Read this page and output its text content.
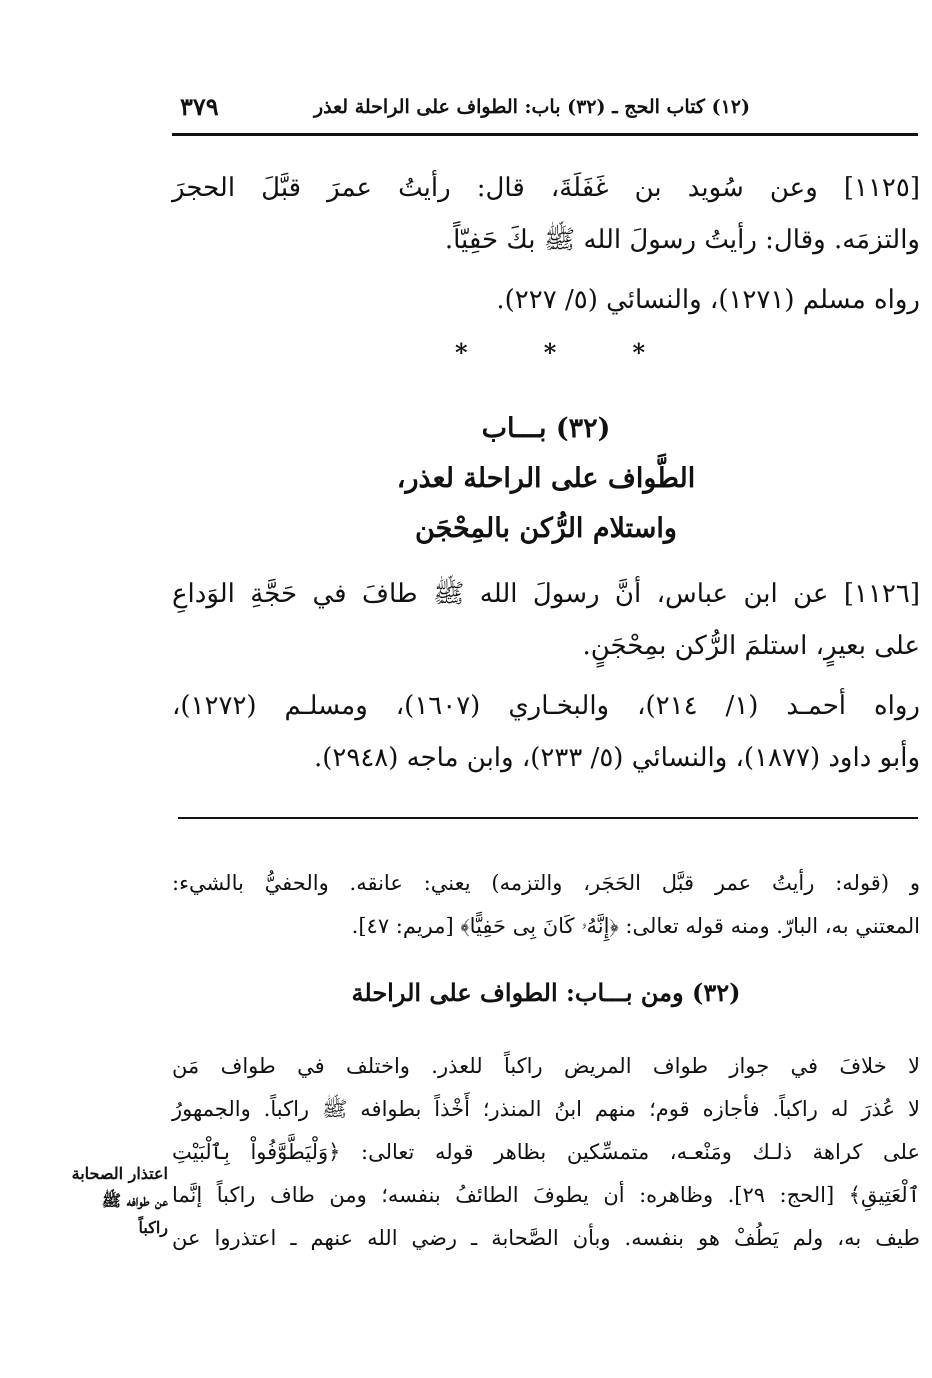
(١٢) كتاب الحج ـ (٣٢) باب: الطواف على الراحلة لعذر
٣٧٩
[١١٢٥] وعن سُويد بن غَفَلَةَ، قال: رأيتُ عمرَ قبَّلَ الحجرَ
والتزمَه. وقال: رأيتُ رسولَ الله ﷺ بكَ حَفِيّاً.
رواه مسلم (١٢٧١)، والنسائي (٥/ ٢٢٧).
*	*	*
(٣٢) بـــاب
الطَّواف على الراحلة لعذر،
واستلام الرُّكن بالمِحْجَن
[١١٢٦] عن ابن عباس، أنَّ رسولَ الله ﷺ طافَ في حَجَّةِ الوَداعِ
على بعيرٍ، استلمَ الرُّكن بمِحْجَنٍ.
رواه أحمـد (١/ ٢١٤)، والبخـاري (١٦٠٧)، ومسلـم (١٢٧٢)،
وأبو داود (١٨٧٧)، والنسائي (٥/ ٢٣٣)، وابن ماجه (٢٩٤٨).
و (قوله: رأيتُ عمر قبَّل الحَجَر، والتزمه) يعني: عانقه. والحفيُّ بالشيء:
المعتني به، البارّ. ومنه قوله تعالى: ﴿إِنَّهُۥ كَانَ بِى حَفِيًّا﴾ [مريم: ٤٧].
(٣٢) ومن بـــاب: الطواف على الراحلة
لا خلافَ في جواز طواف المريض راكباً للعذر. واختلف في طواف مَن
لا عُذرَ له راكباً. فأجازه قوم؛ منهم ابنُ المنذر؛ أَخْذاً بطوافه ﷺ راكباً. والجمهورُ
على كراهة ذلـك ومَنْعـه، متمسِّكين بظاهر قوله تعالى: ﴿وَلْيَطَّوَّفُواْ بِٱلْبَيْتِ
ٱلْعَتِيقِ﴾ [الحج: ٢٩]. وظاهره: أن يطوفَ الطائفُ بنفسه؛ ومن طاف راكباً إنَّما
طيف به، ولم يَطُفْ هو بنفسه. وبأن الصَّحابة ـ رضي الله عنهم ـ اعتذروا عن
اعتذار الصحابة
عن طوافه ﷺ
راكباً
